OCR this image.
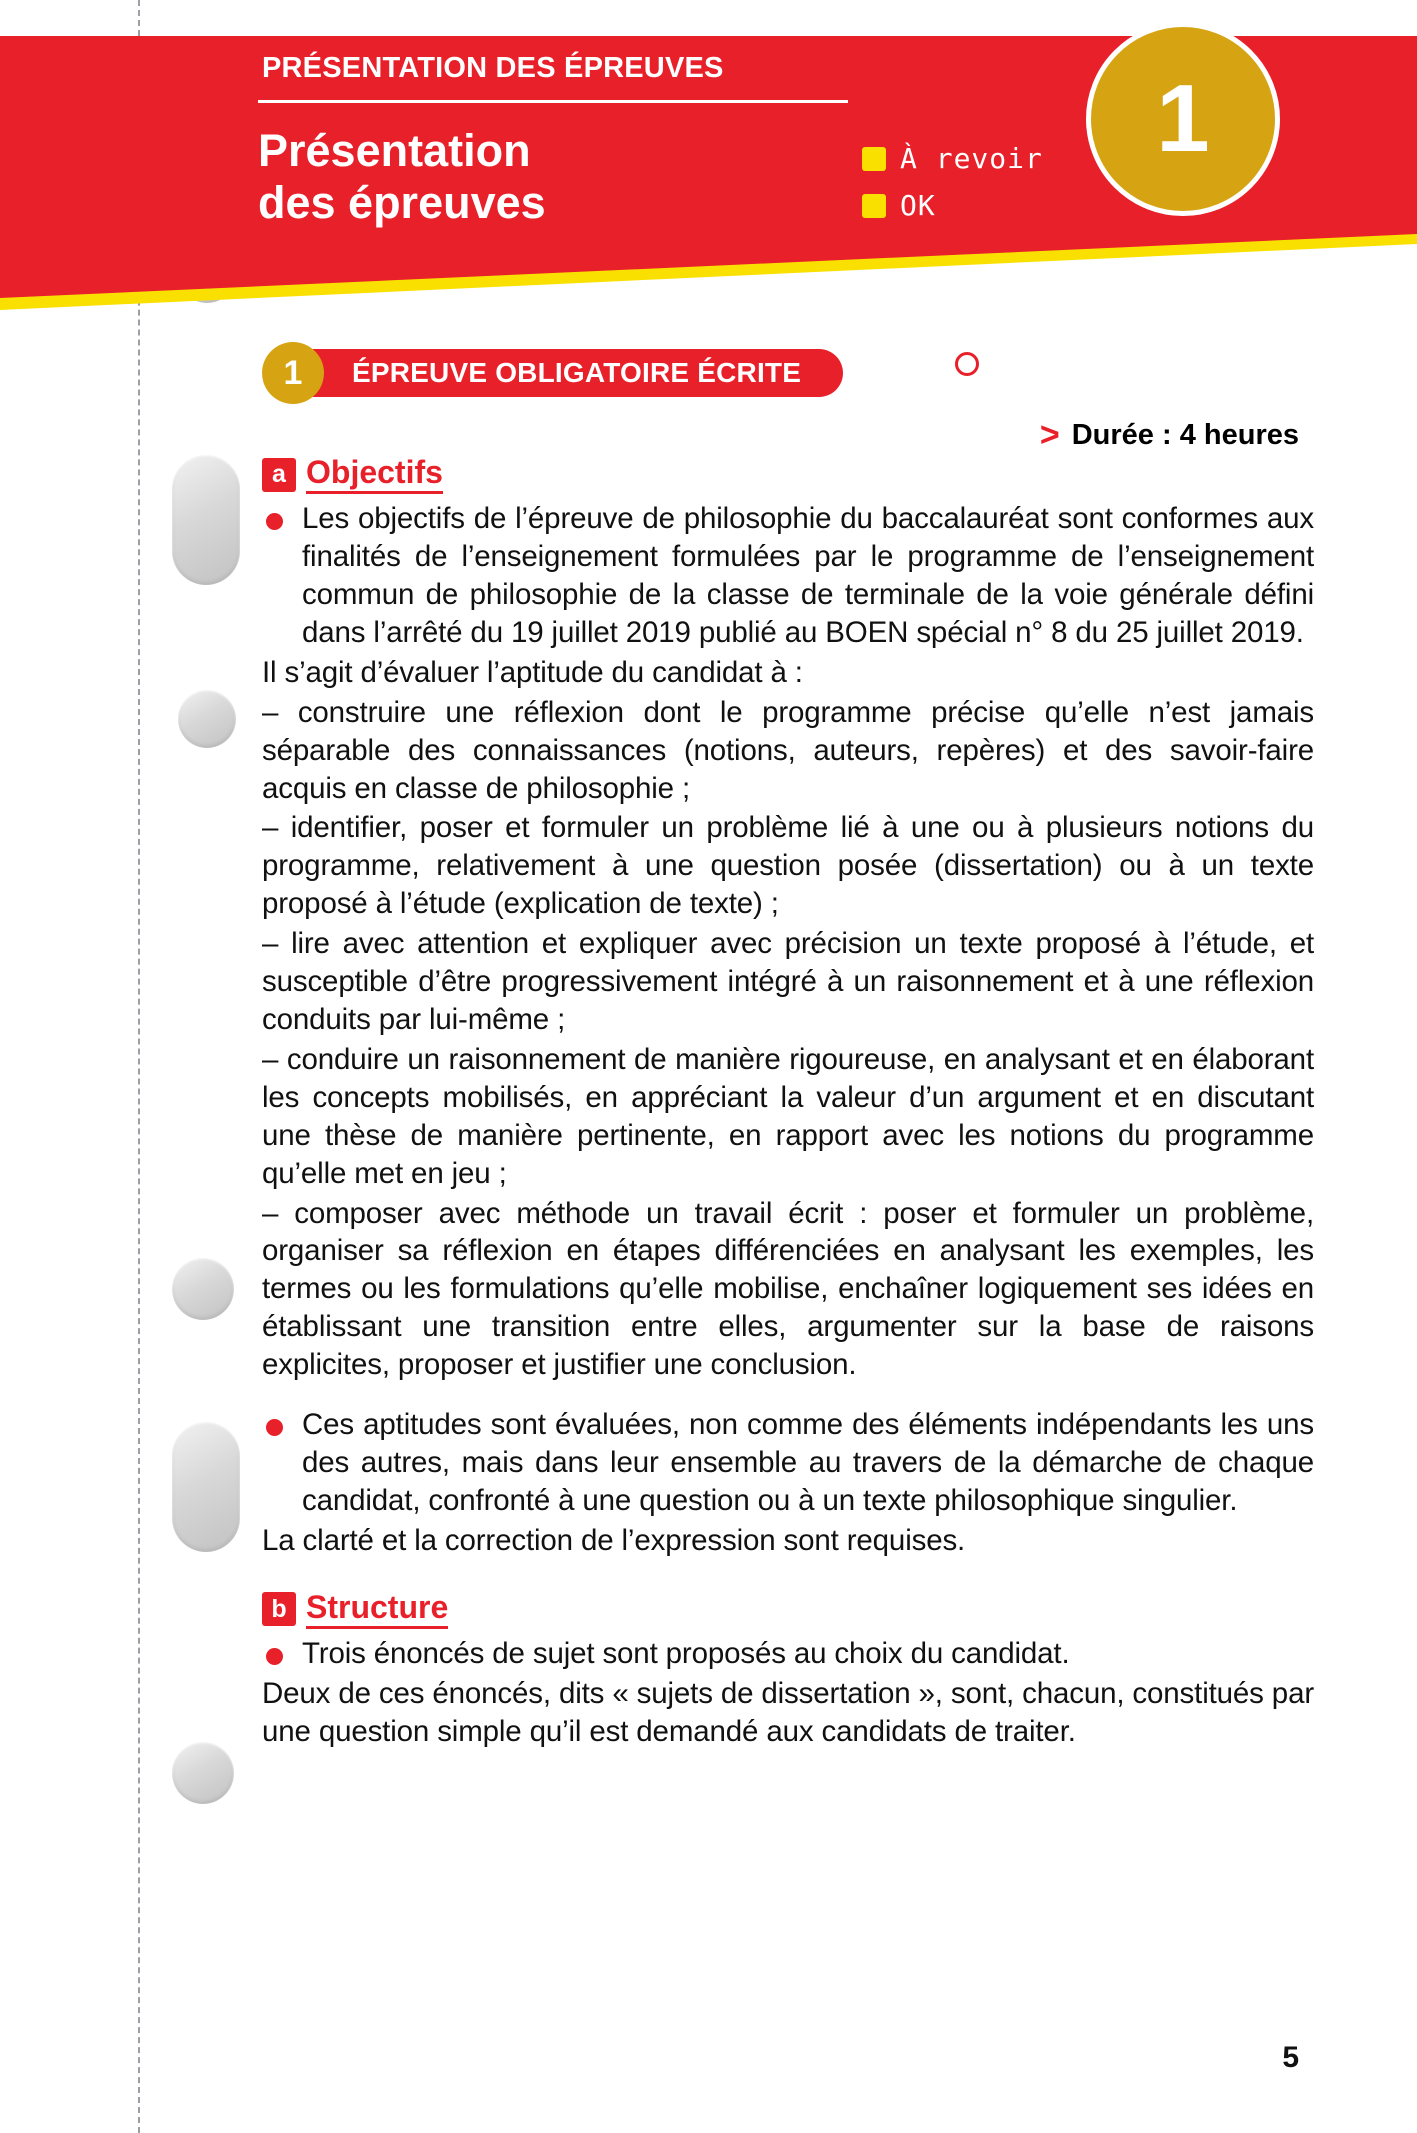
PRÉSENTATION DES ÉPREUVES
Présentation
des épreuves
À revoir
OK
1
1	ÉPREUVE OBLIGATOIRE ÉCRITE
> Durée : 4 heures
a Objectifs

Les objectifs de l’épreuve de philosophie du baccalauréat sont conformes aux finalités de l’enseignement formulées par le programme de l’enseignement commun de philosophie de la classe de terminale de la voie générale défini dans l’arrêté du 19 juillet 2019 publié au BOEN spécial n° 8 du 25 juillet 2019.

Il s’agit d’évaluer l’aptitude du candidat à :

– construire une réflexion dont le programme précise qu’elle n’est jamais séparable des connaissances (notions, auteurs, repères) et des savoir-faire acquis en classe de philosophie ;

– identifier, poser et formuler un problème lié à une ou à plusieurs notions du programme, relativement à une question posée (dissertation) ou à un texte proposé à l’étude (explication de texte) ;

– lire avec attention et expliquer avec précision un texte proposé à l’étude, et susceptible d’être progressivement intégré à un raisonnement et à une réflexion conduits par lui-même ;

– conduire un raisonnement de manière rigoureuse, en analysant et en élaborant les concepts mobilisés, en appréciant la valeur d’un argument et en discutant une thèse de manière pertinente, en rapport avec les notions du programme qu’elle met en jeu ;

– composer avec méthode un travail écrit : poser et formuler un problème, organiser sa réflexion en étapes différenciées en analysant les exemples, les termes ou les formulations qu’elle mobilise, enchaîner logiquement ses idées en établissant une transition entre elles, argumenter sur la base de raisons explicites, proposer et justifier une conclusion.

Ces aptitudes sont évaluées, non comme des éléments indépendants les uns des autres, mais dans leur ensemble au travers de la démarche de chaque candidat, confronté à une question ou à un texte philosophique singulier.

La clarté et la correction de l’expression sont requises.

b Structure

Trois énoncés de sujet sont proposés au choix du candidat.

Deux de ces énoncés, dits « sujets de dissertation », sont, chacun, constitués par une question simple qu’il est demandé aux candidats de traiter.

5
